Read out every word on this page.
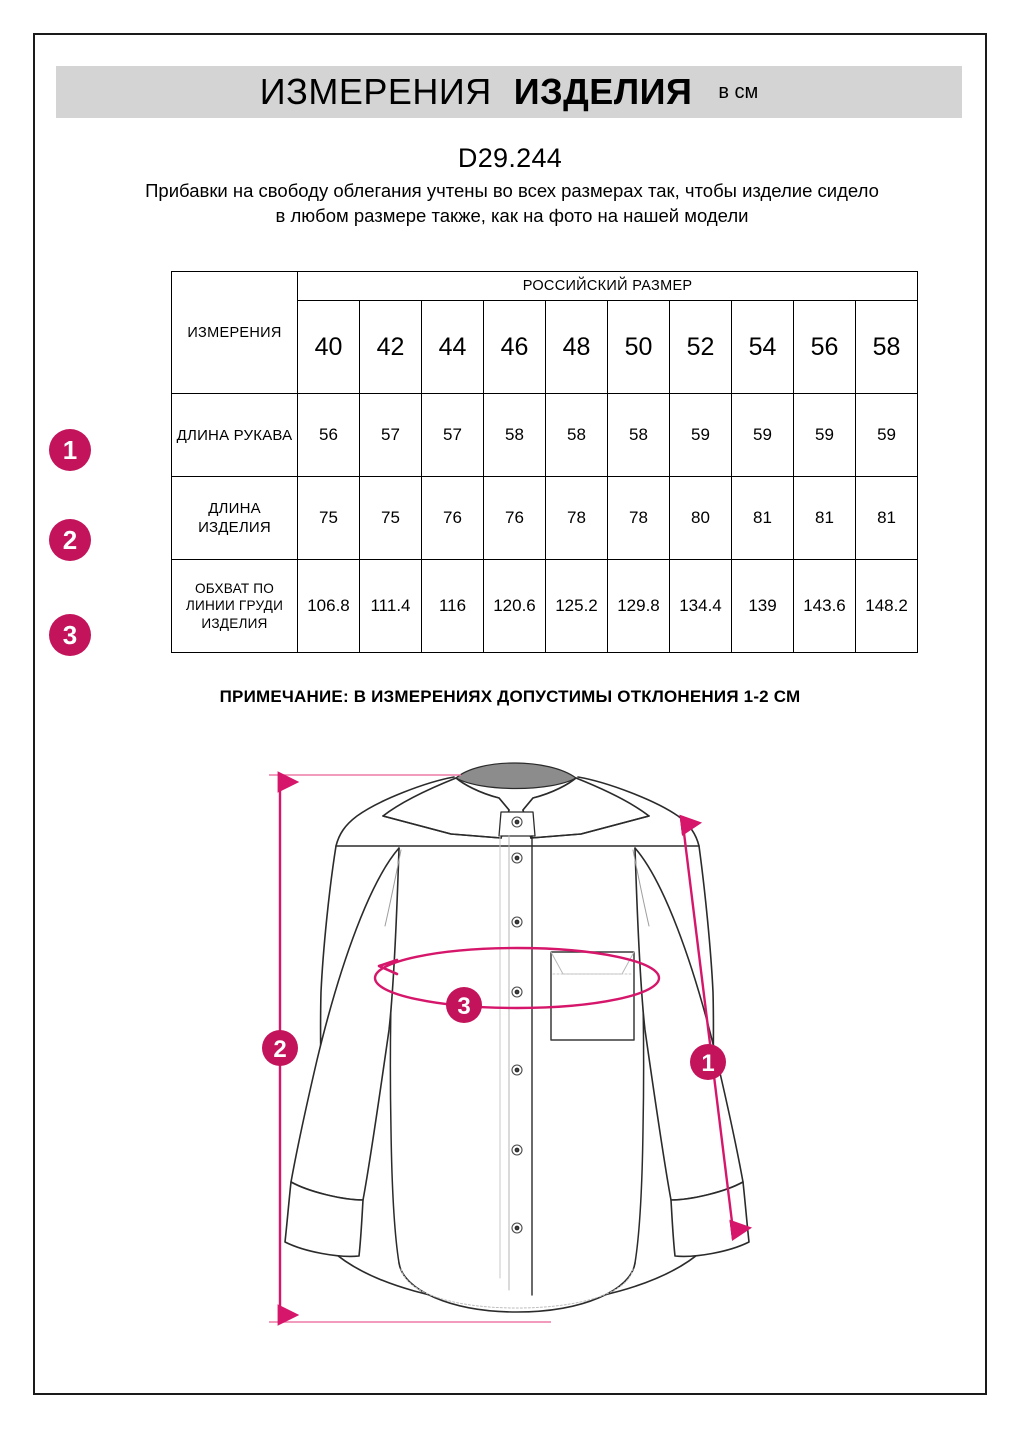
ИЗМЕРЕНИЯ ИЗДЕЛИЯ в см
D29.244
Прибавки на свободу облегания учтены во всех размерах так, чтобы изделие сидело в любом размере также, как на фото на нашей модели
1
2
3
ИЗМЕРЕНИЯ	РОССИЙСКИЙ РАЗМЕР									
	40	42	44	46	48	50	52	54	56	58
ДЛИНА РУКАВА	56	57	57	58	58	58	59	59	59	59
ДЛИНА ИЗДЕЛИЯ	75	75	76	76	78	78	80	81	81	81
ОБХВАТ ПО ЛИНИИ ГРУДИ ИЗДЕЛИЯ	106.8	111.4	116	120.6	125.2	129.8	134.4	139	143.6	148.2
ПРИМЕЧАНИЕ: В ИЗМЕРЕНИЯХ ДОПУСТИМЫ ОТКЛОНЕНИЯ 1-2 СМ
2
3
1
